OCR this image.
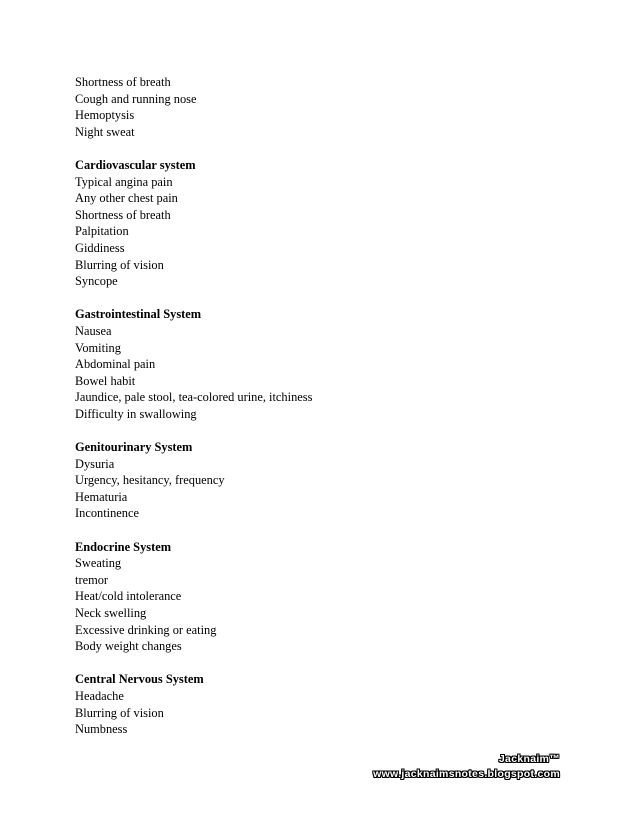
Shortness of breath
Cough and running nose
Hemoptysis
Night sweat
Cardiovascular system
Typical angina pain
Any other chest pain
Shortness of breath
Palpitation
Giddiness
Blurring of vision
Syncope
Gastrointestinal System
Nausea
Vomiting
Abdominal pain
Bowel habit
Jaundice, pale stool, tea-colored urine, itchiness
Difficulty in swallowing
Genitourinary System
Dysuria
Urgency, hesitancy, frequency
Hematuria
Incontinence
Endocrine System
Sweating
tremor
Heat/cold intolerance
Neck swelling
Excessive drinking or eating
Body weight changes
Central Nervous System
Headache
Blurring of vision
Numbness
Jacknaim™
www.jacknaimsnotes.blogspot.com
